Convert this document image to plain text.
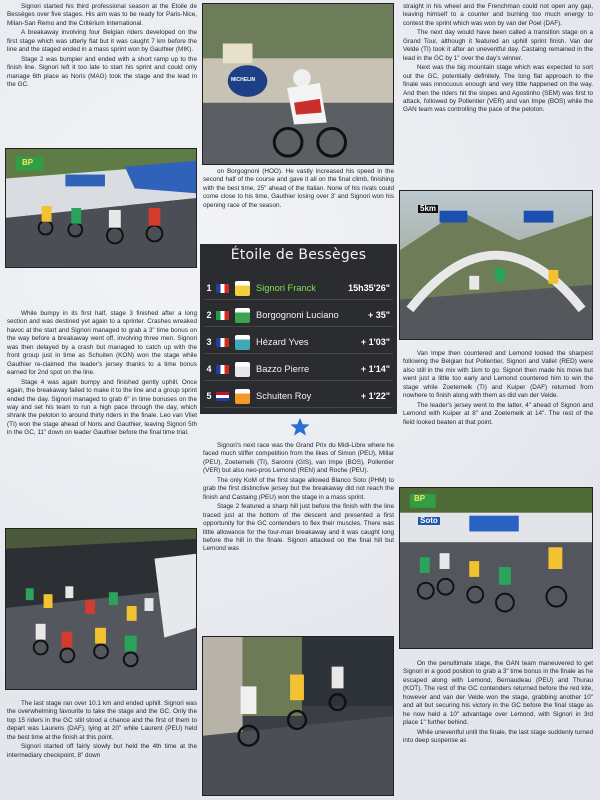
Signori started his third professional season at the Etoile de Bessèges over five stages. His aim was to be ready for Paris-Nice, Milan-San Remo and the Critérium International.

A breakaway involving four Belgian riders developed on the first stage which was utterly flat but it was caught 7 km before the line and the staged ended in a mass sprint won by Gauthier (MIK).

Stage 2 was bumpier and ended with a short ramp up to the finish line. Signori left it too late to start his sprint and could only manage 6th place as Noris (MAG) took the stage and the lead in the GC.

BP

While bumpy in its first half, stage 3 finished after a long section and was destined yet again to a sprinter. Crashes wreaked havoc at the start and Signori managed to grab a 3" time bonus on the way before a breakaway went off, involving three men. Signori was then delayed by a crash but managed to catch up with the front group just in time as Schuiten (KON) won the stage while Gauthier re-claimed the leader's jersey thanks to a time bonus earned for 2nd spot on the line.

Stage 4 was again bumpy and finished gently uphill. Once again, the breakaway failed to make it to the line and a group sprint ended the day. Signori managed to grab 6" in time bonuses on the way and set his team to run a high pace through the day, which shrank the peloton to around thirty riders in the finale. Leo van Vliet (TI) won the stage ahead of Noris and Gauthier, leaving Signori 5th in the GC, 11" down on leader Gauthier before the final time trial.

The last stage ran over 10.1 km and ended uphill. Signori was the overwhelming favourite to take the stage and the GC. Only the top 15 riders in the GC still stood a chance and the first of them to depart was Laurens (DAF), lying at 20" while Laurent (PEU) held the best time at the finish at this point.

Signori started off fairly slowly but held the 4th time at the intermediary checkpoint, 8" down

MICHELIN

on Borgognoni (HOO). He vastly increased his speed in the second half of the course and gave it all on the final climb, finishing with the best time, 25" ahead of the Italian. None of his rivals could come close to his time, Gauthier losing over 3' and Signori won his opening race of the season.

Étoile de Bessèges
1	Signori Franck	15h35'26"
2	Borgognoni Luciano	+ 35"
3	Hézard Yves	+ 1'03"
4	Bazzo Pierre	+ 1'14"
5	Schuiten Roy	+ 1'22"

Signori's next race was the Grand Prix du Midi-Libre where he faced much stiffer competition from the likes of Simon (PEU), Millar (PEU), Zoetemelk (TI), Saronni (GIS), van Impe (BOS), Pollentier (VER) but also neo-pros Lemond (REN) and Roche (PEU).

The only KoM of the first stage allowed Blanco Soto (PHM) to grab the first distinctive jersey but the breakaway did not reach the finish and Castaing (PEU) won the stage in a mass sprint.

Stage 2 featured a sharp hill just before the finish with the line traced just at the bottom of the descent and presented a first opportunity for the GC contenders to flex their muscles. There was little allowance for the four-man breakaway and it was caught long before the hill in the finale. Signori attacked on the final hill but Lemond was

straight in his wheel and the Frenchman could not open any gap, leaving himself to a counter and burning too much energy to contest the sprint which was won by van der Poel (DAF).

The next day would have been called a transition stage on a Grand Tour, although it featured an uphill sprint finish. Van der Velde (TI) took it after an uneventful day. Castaing remained in the lead in the GC by 1" over the day's winner.

Next was the big mountain stage which was expected to sort out the GC, potentially definitely. The long flat approach to the finale was innocuous enough and very little happened on the way. And then the riders hit the slopes and Agostinho (SEM) was first to attack, followed by Pollentier (VER) and van Impe (BOS) while the GAN team was controlling the pace of the peloton.

5km

Van Impe then countered and Lemond looked the sharpest following the Belgian but Pollentier, Signori and Vallet (RED) were also still in the mix with 1km to go. Signori then made his move but went just a little too early and Lemond countered him to win the stage while Zoetemelk (TI) and Kuiper (DAF) returned from nowhere to finish along with them as did van der Velde.

The leader's jersey went to the latter, 4" ahead of Signori and Lemond with Kuiper at 8" and Zoetemelk at 14". The rest of the field looked beaten at that point.

Soto
BP

On the penultimate stage, the GAN team maneuvered to get Signori in a good position to grab a 3" time bonus in the finale as he escaped along with Lemond, Bernaudeau (PEU) and Thurau (KOT). The rest of the GC contenders returned before the red kite, however and van der Velde won the stage, grabbing another 10" and all but securing his victory in the GC before the final stage as he now held a 10" advantage over Lemond, with Signori in 3rd place 1" further behind.

While uneventful until the finale, the last stage suddenly turned into deep suspense as
